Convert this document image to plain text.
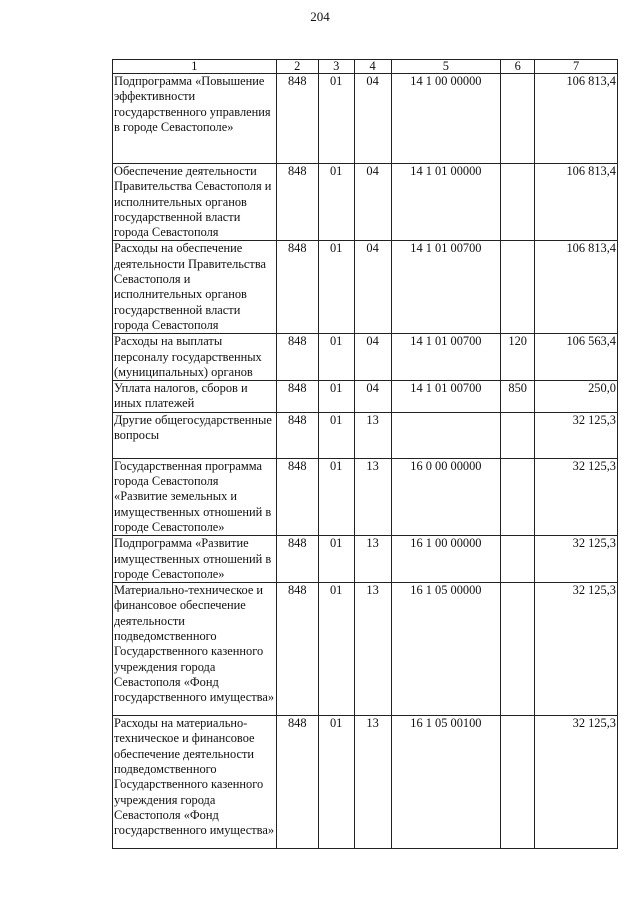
204
1	2	3	4	5	6	7
Подпрограмма «Повышение эффективности государственного управления в городе Севастополе»	848	01	04	14 1 00 00000		106 813,4
Обеспечение деятельности Правительства Севастополя и исполнительных органов государственной власти города Севастополя	848	01	04	14 1 01 00000		106 813,4
Расходы на обеспечение деятельности Правительства Севастополя и исполнительных органов государственной власти города Севастополя	848	01	04	14 1 01 00700		106 813,4
Расходы на выплаты персоналу государственных (муниципальных) органов	848	01	04	14 1 01 00700	120	106 563,4
Уплата налогов, сборов и иных платежей	848	01	04	14 1 01 00700	850	250,0
Другие общегосударственные вопросы	848	01	13			32 125,3
Государственная программа города Севастополя «Развитие земельных и имущественных отношений в городе Севастополе»	848	01	13	16 0 00 00000		32 125,3
Подпрограмма «Развитие имущественных отношений в городе Севастополе»	848	01	13	16 1 00 00000		32 125,3
Материально-техническое и финансовое обеспечение деятельности подведомственного Государственного казенного учреждения города Севастополя «Фонд государственного имущества»	848	01	13	16 1 05 00000		32 125,3
Расходы на материально-техническое и финансовое обеспечение деятельности подведомственного Государственного казенного учреждения города Севастополя «Фонд государственного имущества»	848	01	13	16 1 05 00100		32 125,3
